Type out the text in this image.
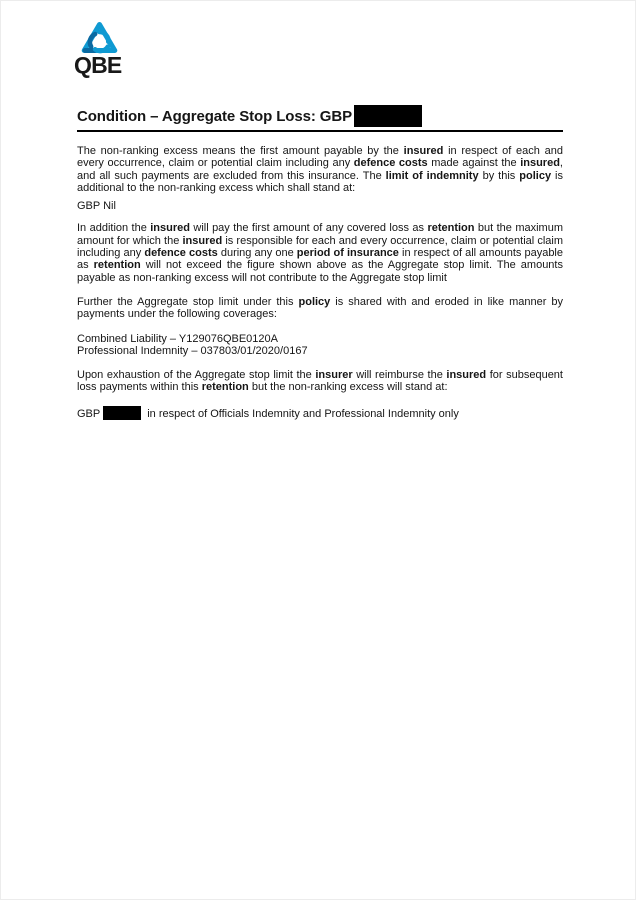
QBE
Condition – Aggregate Stop Loss: GBP

The non-ranking excess means the first amount payable by the insured in respect of each and every occurrence, claim or potential claim including any defence costs made against the insured, and all such payments are excluded from this insurance. The limit of indemnity by this policy is additional to the non-ranking excess which shall stand at:

GBP Nil

In addition the insured will pay the first amount of any covered loss as retention but the maximum amount for which the insured is responsible for each and every occurrence, claim or potential claim including any defence costs during any one period of insurance in respect of all amounts payable as retention will not exceed the figure shown above as the Aggregate stop limit. The amounts payable as non-ranking excess will not contribute to the Aggregate stop limit

Further the Aggregate stop limit under this policy is shared with and eroded in like manner by payments under the following coverages:

Combined Liability – Y129076QBE0120A
Professional Indemnity – 037803/01/2020/0167

Upon exhaustion of the Aggregate stop limit the insurer will reimburse the insured for subsequent loss payments within this retention but the non-ranking excess will stand at:

GBP	in respect of Officials Indemnity and Professional Indemnity only
